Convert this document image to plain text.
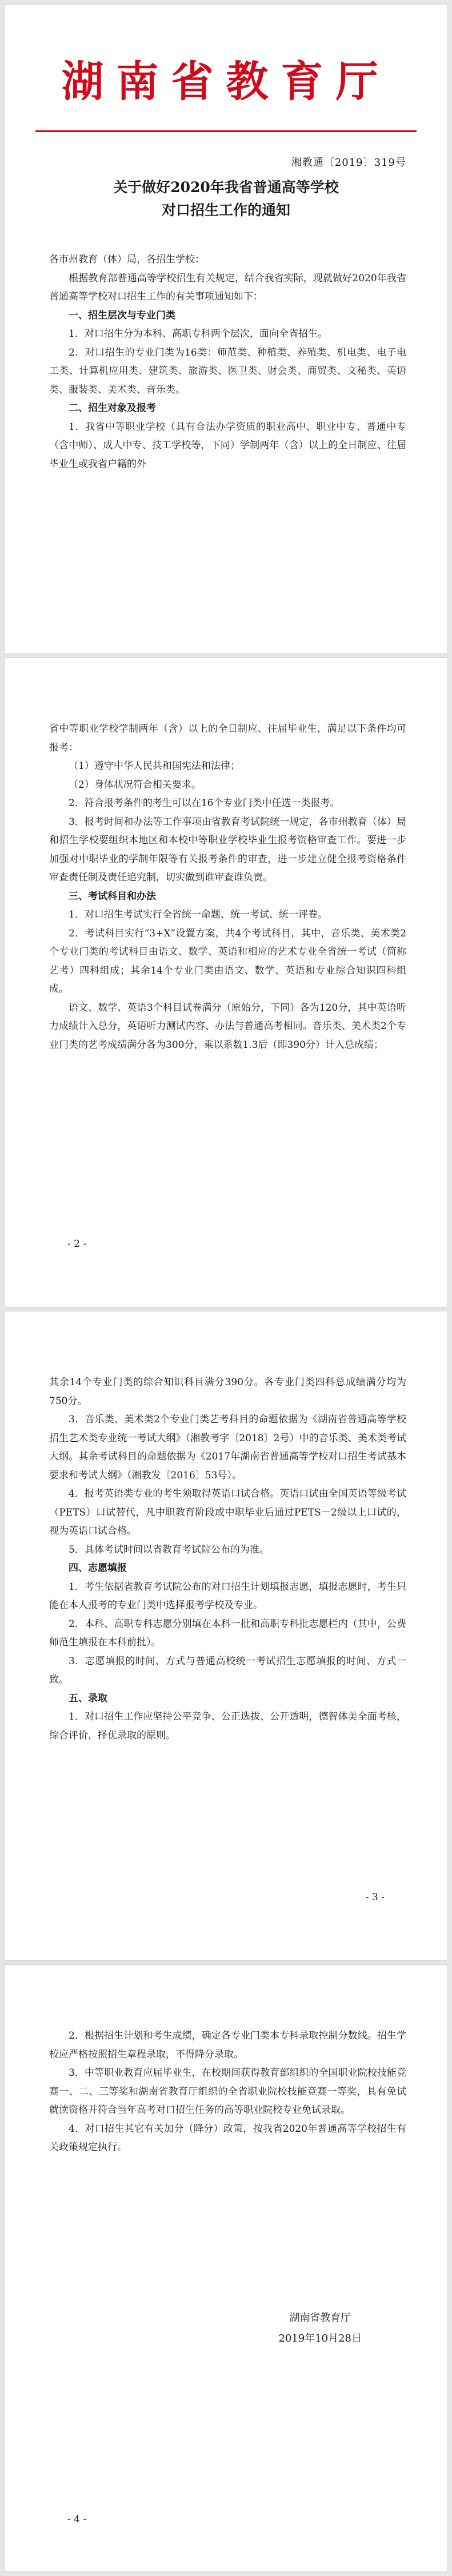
湖南省教育厅
湘教通〔2019〕319号
关于做好2020年我省普通高等学校
对口招生工作的通知

各市州教育（体）局，各招生学校：

根据教育部普通高等学校招生有关规定，结合我省实际，现就做好2020年我省普通高等学校对口招生工作的有关事项通知如下：

一、招生层次与专业门类

1．对口招生分为本科、高职专科两个层次，面向全省招生。

2．对口招生的专业门类为16类：师范类、种植类、养殖类、机电类、电子电工类、计算机应用类、建筑类、旅游类、医卫类、财会类、商贸类、文秘类、英语类、服装类、美术类、音乐类。

二、招生对象及报考

1．我省中等职业学校（具有合法办学资质的职业高中、职业中专、普通中专（含中师）、成人中专、技工学校等，下同）学制两年（含）以上的全日制应、往届毕业生或我省户籍的外

省中等职业学校学制两年（含）以上的全日制应、往届毕业生，满足以下条件均可报考：

（1）遵守中华人民共和国宪法和法律；

（2）身体状况符合相关要求。

2．符合报考条件的考生可以在16个专业门类中任选一类报考。

3．报考时间和办法等工作事项由省教育考试院统一规定，各市州教育（体）局和招生学校要组织本地区和本校中等职业学校毕业生报考资格审查工作。要进一步加强对中职毕业的学制年限等有关报考条件的审查，进一步建立健全报考资格条件审查责任制及责任追究制，切实做到谁审查谁负责。

三、考试科目和办法

1．对口招生考试实行全省统一命题、统一考试、统一评卷。

2．考试科目实行“3+X”设置方案，共4个考试科目，其中，音乐类、美术类2个专业门类的考试科目由语文、数学、英语和相应的艺术专业全省统一考试（简称艺考）四科组成；其余14个专业门类由语文、数学、英语和专业综合知识四科组成。

语文、数学、英语3个科目试卷满分（原始分，下同）各为120分，其中英语听力成绩计入总分，英语听力测试内容、办法与普通高考相同。音乐类、美术类2个专业门类的艺考成绩满分各为300分，乘以系数1.3后（即390分）计入总成绩；

- 2 -

其余14个专业门类的综合知识科目满分390分。各专业门类四科总成绩满分均为750分。

3．音乐类、美术类2个专业门类艺考科目的命题依据为《湖南省普通高等学校招生艺术类专业统一考试大纲》（湘教考字〔2018〕2号）中的音乐类、美术类考试大纲。其余考试科目的命题依据为《2017年湖南省普通高等学校对口招生考试基本要求和考试大纲》（湘教发〔2016〕53号）。

4．报考英语类专业的考生须取得英语口试合格。英语口试由全国英语等级考试（PETS）口试替代，凡中职教育阶段或中职毕业后通过PETS－2级以上口试的，视为英语口试合格。

5．具体考试时间以省教育考试院公布的为准。

四、志愿填报

1．考生依据省教育考试院公布的对口招生计划填报志愿，填报志愿时，考生只能在本人报考的专业门类中选择报考学校及专业。

2．本科、高职专科志愿分别填在本科一批和高职专科批志愿栏内（其中，公费师范生填报在本科前批）。

3．志愿填报的时间、方式与普通高校统一考试招生志愿填报的时间、方式一致。

五、录取

1．对口招生工作应坚持公平竞争、公正选拔、公开透明，德智体美全面考核，综合评价，择优录取的原则。

- 3 -

2．根据招生计划和考生成绩，确定各专业门类本专科录取控制分数线。招生学校应严格按照招生章程录取，不得降分录取。

3．中等职业教育应届毕业生，在校期间获得教育部组织的全国职业院校技能竞赛一、二、三等奖和湖南省教育厅组织的全省职业院校技能竞赛一等奖，具有免试就读资格并符合当年高考对口招生任务的高等职业院校专业免试录取。

4．对口招生其它有关加分（降分）政策，按我省2020年普通高等学校招生有关政策规定执行。

湖南省教育厅
2019年10月28日
- 4 -
